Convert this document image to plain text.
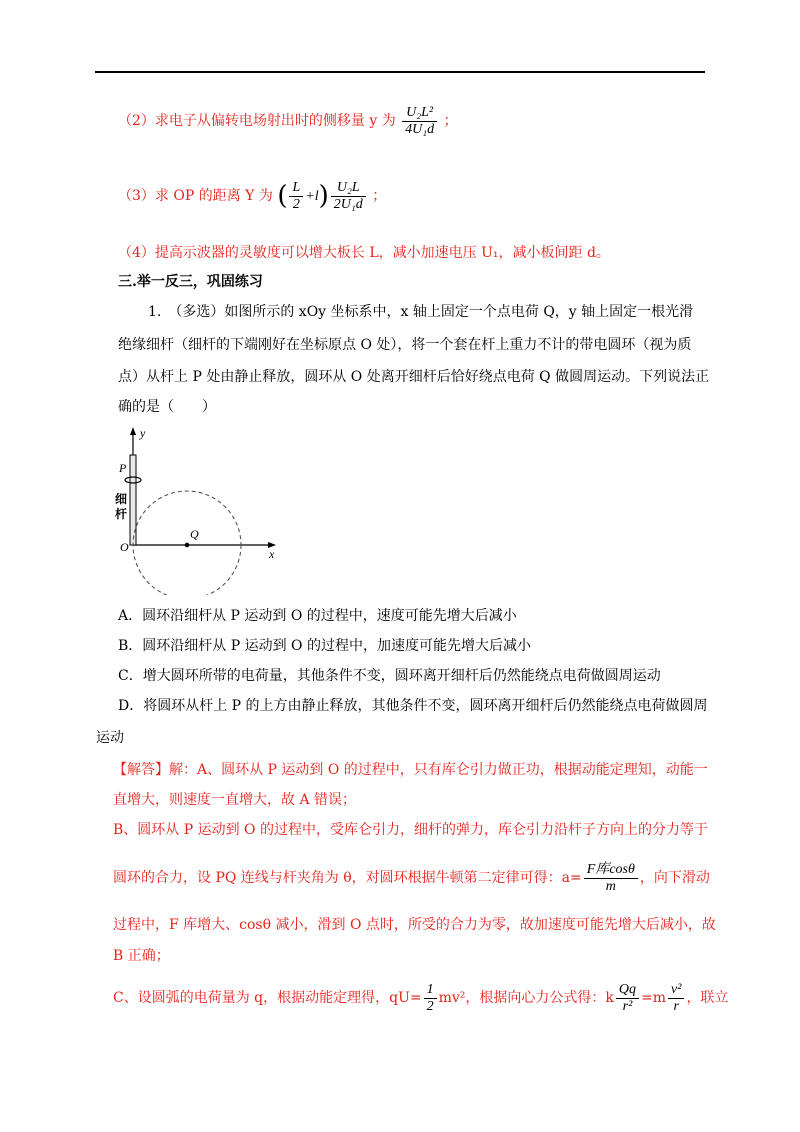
（2）求电子从偏转电场射出时的侧移量 y 为 $\frac{\text{U₂L²}}{\text{4U₁d}}$ ；
（3）求 OP 的距离 Y 为 ( $\frac{L}{2} +l) \frac{\text{U₂L}}{\text{2U₁d}}$ ；
（4）提高示波器的灵敏度可以增大板长 L，减小加速电压 U₁，减小板间距 d。
三.举一反三，巩固练习
1.　（多选）如图所示的 xOy 坐标系中，x 轴上固定一个点电荷 Q，y 轴上固定一根光滑
绝缘细杆（细杆的下端刚好在坐标原点 O 处），将一个套在杆上重力不计的带电圆环（视为质
点）从杆上 P 处由静止释放，圆环从 O 处离开细杆后恰好绕点电荷 Q 做圆周运动。下列说法正
确的是（　　）
y
x
O
P
Q
细
杆
A．圆环沿细杆从 P 运动到 O 的过程中，速度可能先增大后减小
B．圆环沿细杆从 P 运动到 O 的过程中，加速度可能先增大后减小
C．增大圆环所带的电荷量，其他条件不变，圆环离开细杆后仍然能绕点电荷做圆周运动
D．将圆环从杆上 P 的上方由静止释放，其他条件不变，圆环离开细杆后仍然能绕点电荷做圆周
运动
【解答】解：A、圆环从 P 运动到 O 的过程中，只有库仑引力做正功，根据动能定理知，动能一
直增大，则速度一直增大，故 A 错误；
B、圆环从 P 运动到 O 的过程中，受库仑引力，细杆的弹力，库仑引力沿杆子方向上的分力等于
圆环的合力，设 PQ 连线与杆夹角为 θ，对圆环根据牛顿第二定律可得：$a= \frac{\text{F库cosθ}}{m}$ ，向下滑动
过程中，F 库增大、cosθ 减小，滑到 O 点时，所受的合力为零，故加速度可能先增大后减小，故
B 正确；
C、设圆弧的电荷量为 q，根据动能定理得，$qU= \frac{1}{2} mv^2$，根据向心力公式得：k $\frac{Qq}{\text{r²}} =m \frac{\text{v²}}{r}$ ，联立
